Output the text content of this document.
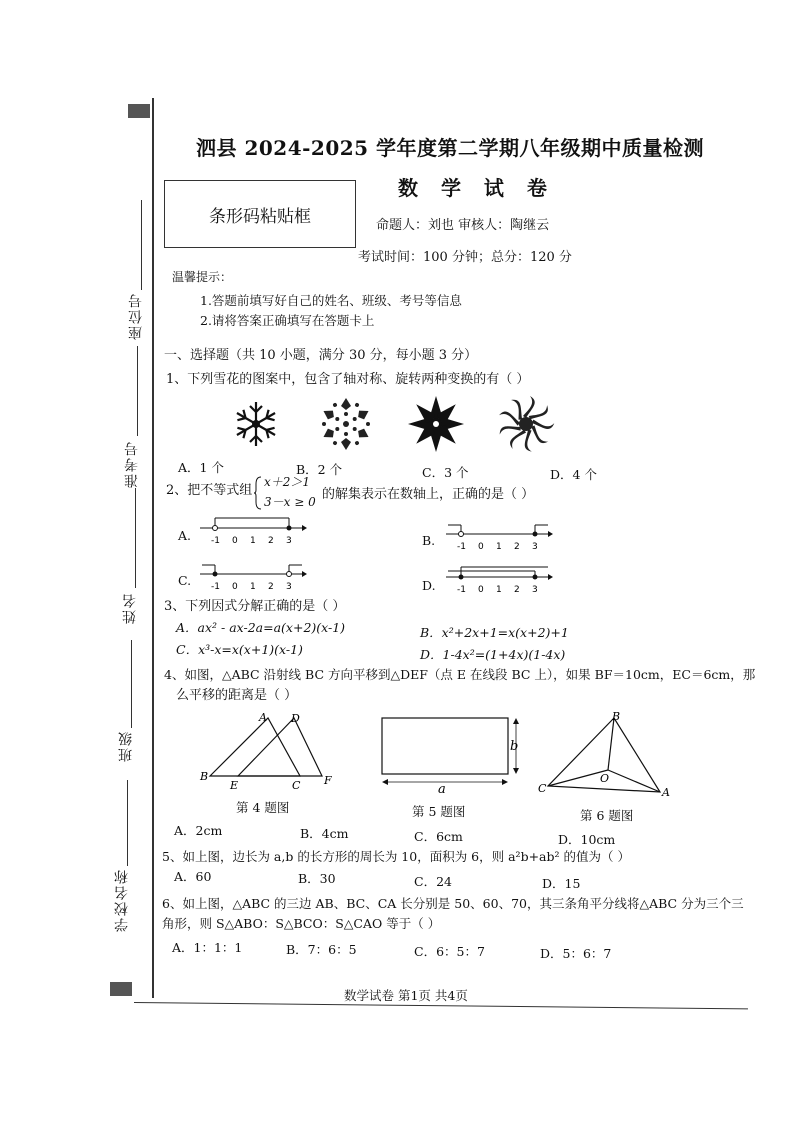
座位号
准考号
姓名
班级
学校名称
泗县 2024-2025 学年度第二学期八年级期中质量检测
数 学 试 卷
条形码粘贴框	命题人：刘也 审核人：陶继云
考试时间：100 分钟；总分：120 分
温馨提示：
1.答题前填写好自己的姓名、班级、考号等信息
2.请将答案正确填写在答题卡上
一、选择题（共 10 小题，满分 30 分，每小题 3 分）
1、下列雪花的图案中，包含了轴对称、旋转两种变换的有（ ）
A．1 个	B．2 个	C．3 个	D．4 个
2、把不等式组
x＋2＞1
3－x ≥ 0 的解集表示在数轴上，正确的是（ ）
A. -1 0 1 2 3	B. -1 0 1 2 3
C. -1 0 1 2 3	D. -1 0 1 2 3
3、下列因式分解正确的是（ ）
A．ax² - ax-2a=a(x+2)(x-1)	B．x²+2x+1=x(x+2)+1
C．x³-x=x(x+1)(x-1)	D．1-4x²=(1+4x)(1-4x)
4、如图，△ABC 沿射线 BC 方向平移到△DEF（点 E 在线段 BC 上），如果 BF＝10cm，EC＝6cm，那
么平移的距离是（ ）
A D
B
E	C F
b
a
B
O
C	A
第 4 题图	第 5 题图	第 6 题图
A．2cm	B．4cm	C．6cm	D．10cm
5、如上图，边长为 a,b 的长方形的周长为 10，面积为 6，则 a²b+ab² 的值为（ ）
A．60	B．30	C．24	D．15
6、如上图，△ABC 的三边 AB、BC、CA 长分别是 50、60、70，其三条角平分线将△ABC 分为三个三
角形，则 S△ABO：S△BCO：S△CAO 等于（ ）
A．1：1：1	B．7：6：5	C．6：5：7	D．5：6：7
数学试卷 第1页 共4页
